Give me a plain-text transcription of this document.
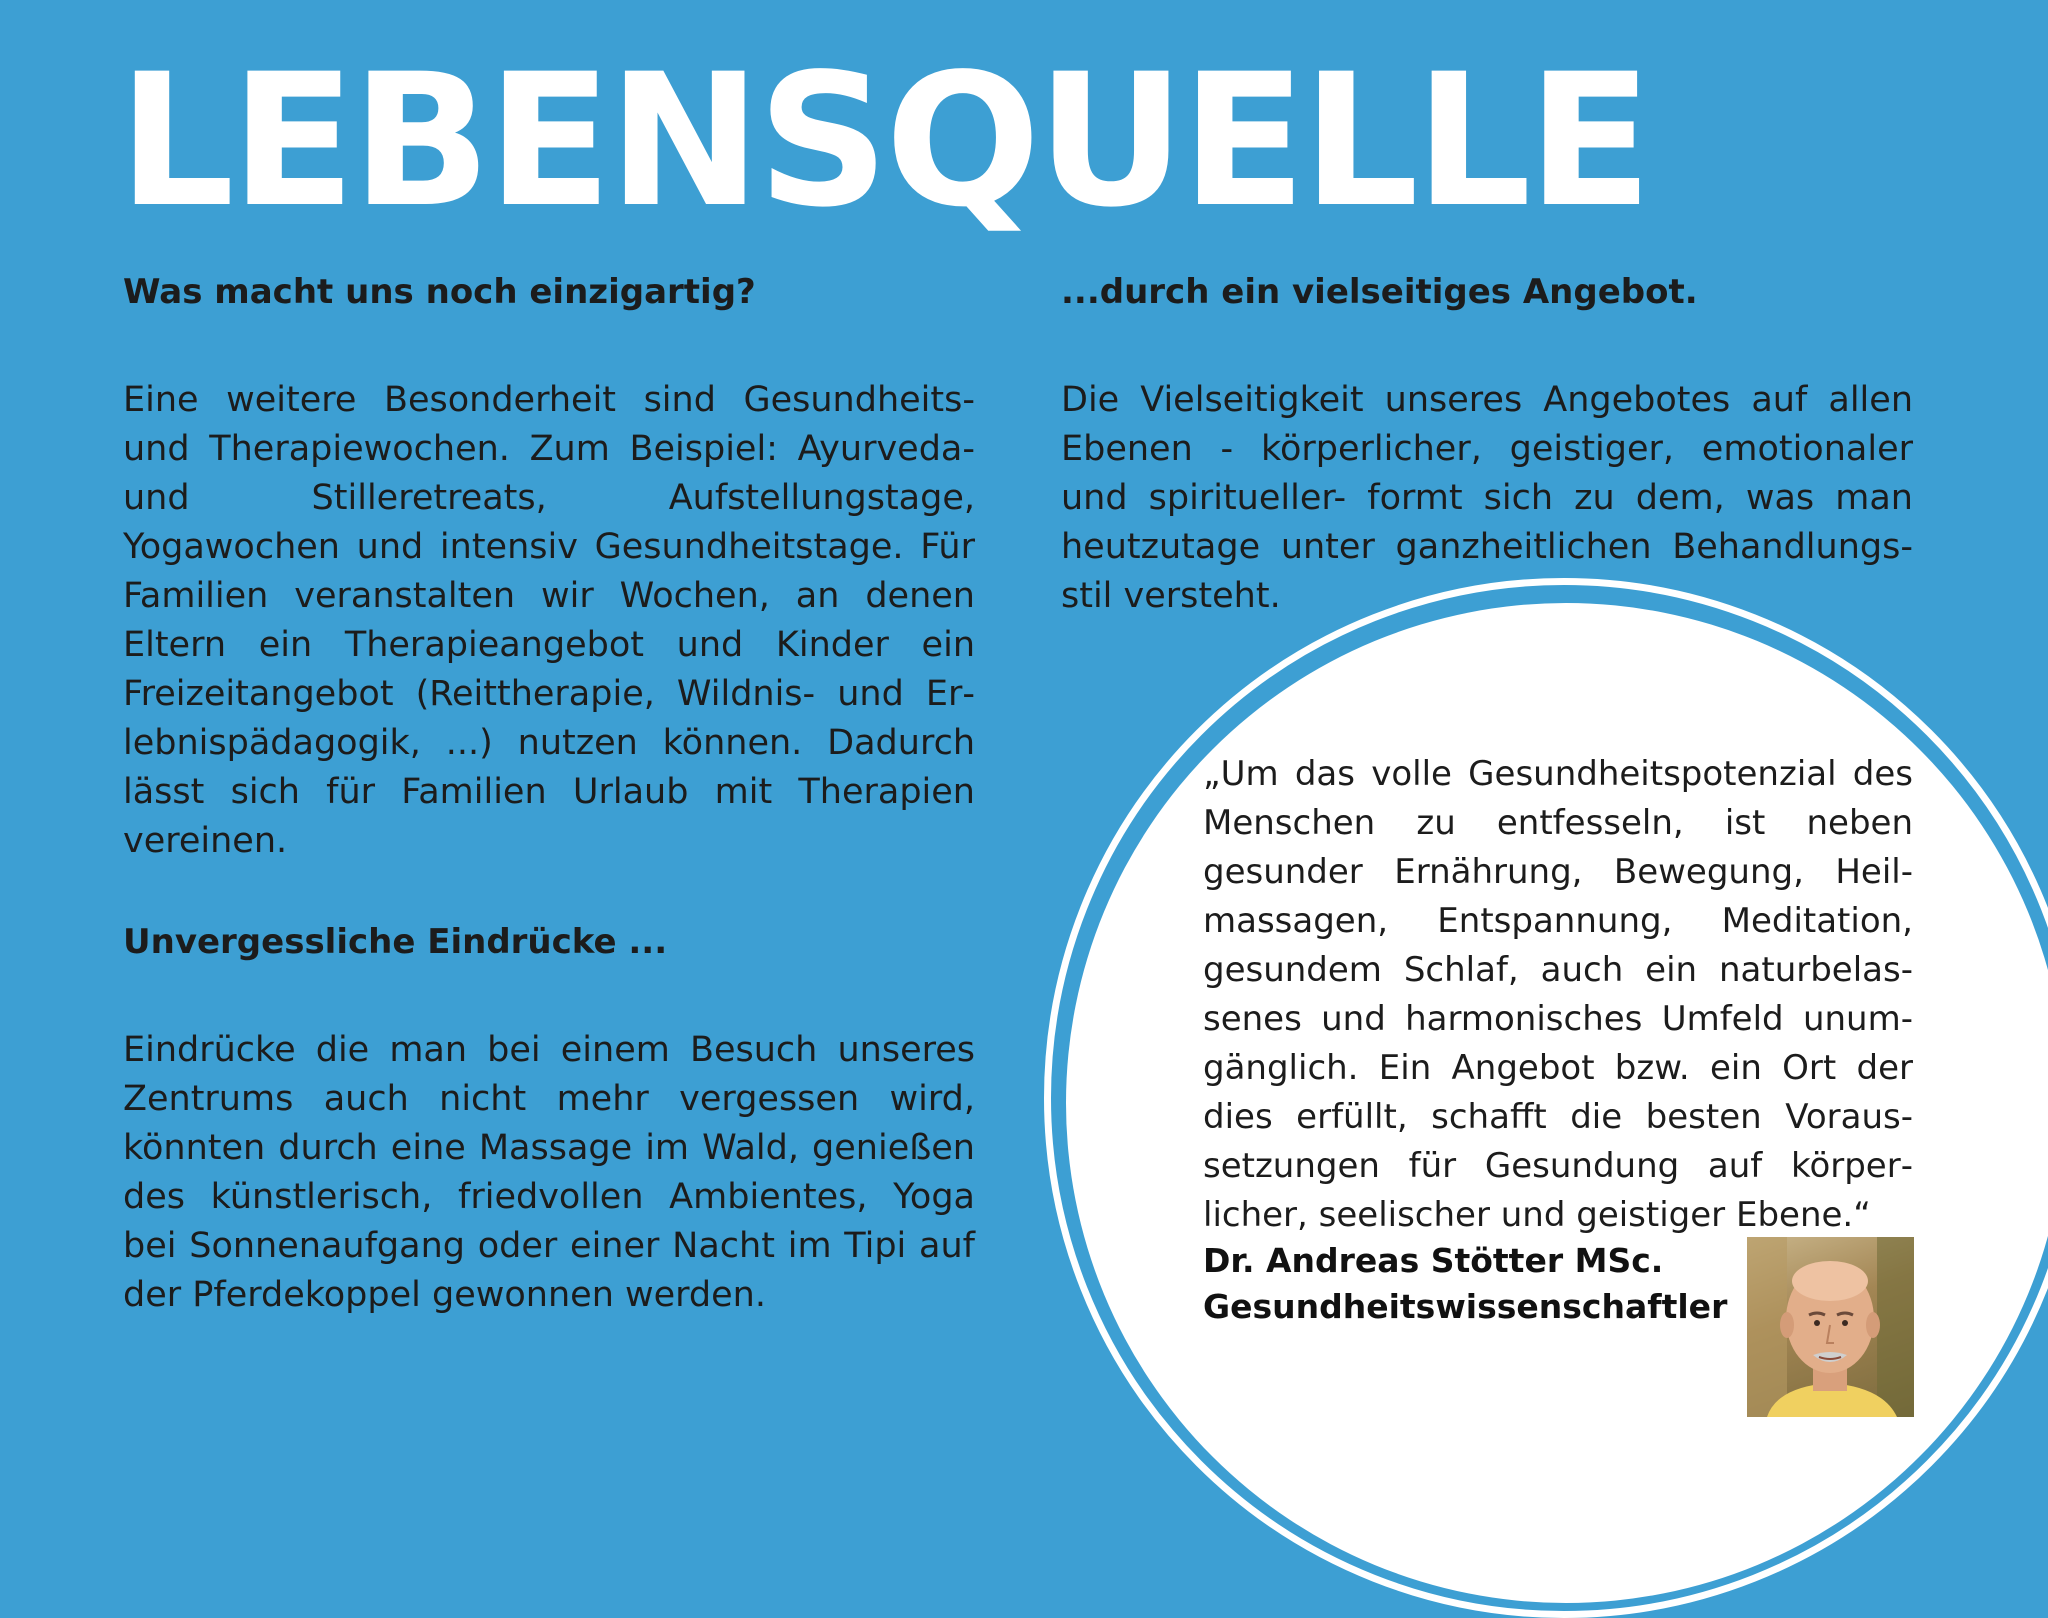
LEBENSQUELLE

Was macht uns noch einzigartig?

Eine weitere Besonderheit sind Gesundheits- und Therapiewochen. Zum Beispiel: Ayurveda- und Stilleretreats, Aufstellungstage, Yogawochen und intensiv Gesundheitstage. Für Familien veranstalten wir Wochen, an denen Eltern ein Therapieangebot und Kinder ein Freizeitangebot (Reittherapie, Wildnis- und Erlebnispädagogik, ...) nutzen können. Dadurch lässt sich für Familien Urlaub mit Therapien vereinen.

Unvergessliche Eindrücke ...

Eindrücke die man bei einem Besuch unseres Zentrums auch nicht mehr vergessen wird, könnten durch eine Massage im Wald, genießen des künstlerisch, friedvollen Ambientes, Yoga bei Sonnenaufgang oder einer Nacht im Tipi auf der Pferdekoppel gewonnen werden.

...durch ein vielseitiges Angebot.

Die Vielseitigkeit unseres Angebotes auf allen Ebenen - körperlicher, geistiger, emotionaler und spiritueller- formt sich zu dem, was man heutzutage unter ganzheitlichen Behandlungsstil versteht.

„Um das volle Gesundheitspotenzial des Menschen zu entfesseln, ist neben gesunder Ernährung, Bewegung, Heilmassagen, Entspannung, Meditation, gesundem Schlaf, auch ein naturbelassenes und harmonisches Umfeld unumgänglich. Ein Angebot bzw. ein Ort der dies erfüllt, schafft die besten Voraussetzungen für Gesundung auf körperlicher, seelischer und geistiger Ebene.“

Dr. Andreas Stötter MSc.
Gesundheitswissenschaftler
